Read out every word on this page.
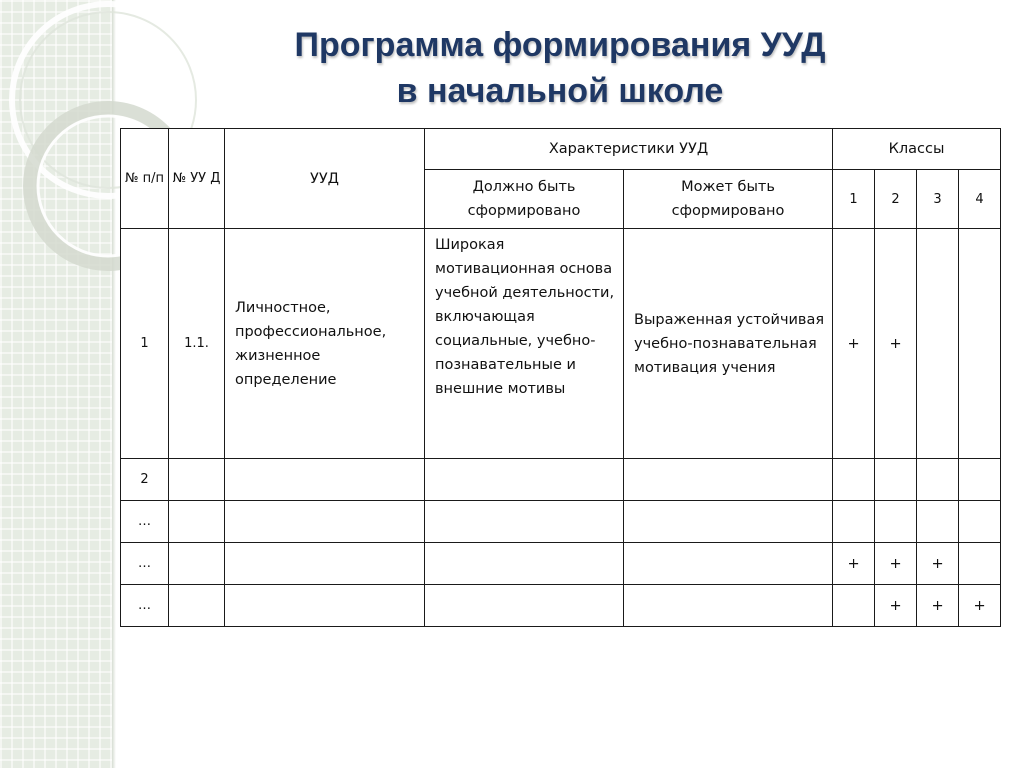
Программа формирования УУД
в начальной школе
№ п/п	№ УУ Д	УУД	Характеристики УУД		Классы			
			Должно быть сформировано	Может быть сформировано	1	2	3	4
1	1.1.	Личностное, профессиональное, жизненное определение	Широкая мотивационная основа учебной деятельности, включающая социальные, учебно-познавательные и внешние мотивы	Выраженная устойчивая учебно-познавательная мотивация учения	+	+		
2								
…								
…					+	+	+	
…						+	+	+
